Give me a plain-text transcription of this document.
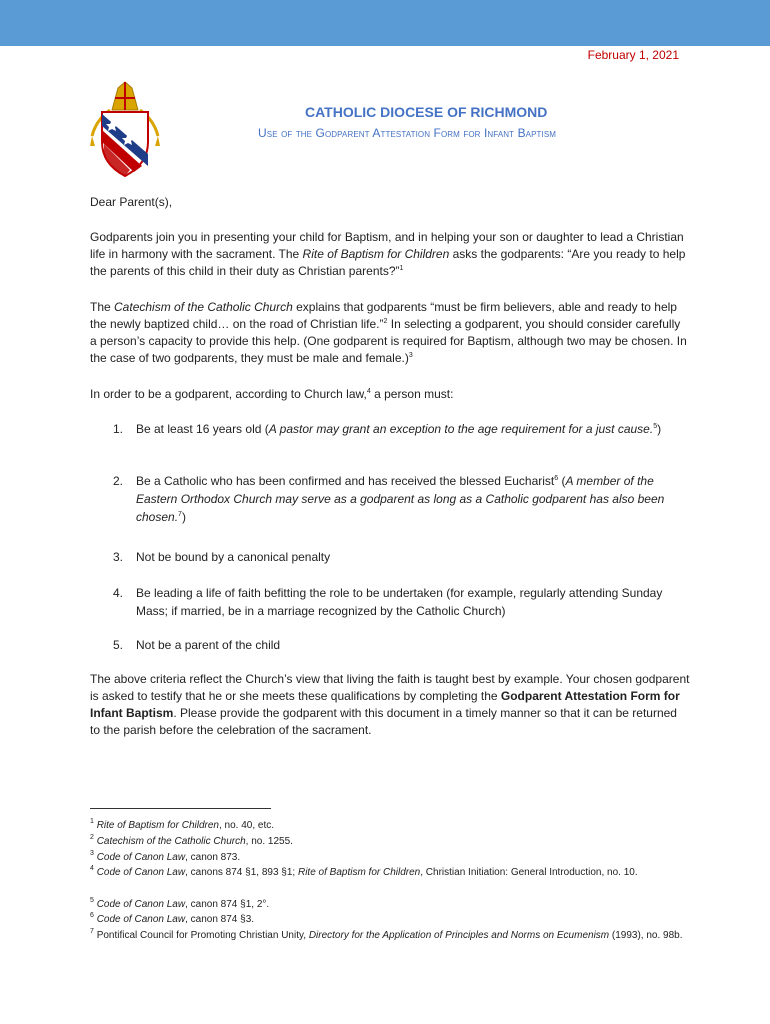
February 1, 2021
CATHOLIC DIOCESE OF RICHMOND
Use of the Godparent Attestation Form for Infant Baptism
Dear Parent(s),
Godparents join you in presenting your child for Baptism, and in helping your son or daughter to lead a Christian life in harmony with the sacrament. The Rite of Baptism for Children asks the godparents: “Are you ready to help the parents of this child in their duty as Christian parents?”$^1$
The Catechism of the Catholic Church explains that godparents “must be firm believers, able and ready to help the newly baptized child… on the road of Christian life.”$^2$ In selecting a godparent, you should consider carefully a person’s capacity to provide this help. (One godparent is required for Baptism, although two may be chosen. In the case of two godparents, they must be male and female.)$^3$
In order to be a godparent, according to Church law,$^4$ a person must:
1. Be at least 16 years old (A pastor may grant an exception to the age requirement for a just cause.$^5$)
2. Be a Catholic who has been confirmed and has received the blessed Eucharist$^6$ (A member of the Eastern Orthodox Church may serve as a godparent as long as a Catholic godparent has also been chosen.$^7$)
3. Not be bound by a canonical penalty
4. Be leading a life of faith befitting the role to be undertaken (for example, regularly attending Sunday Mass; if married, be in a marriage recognized by the Catholic Church)
5. Not be a parent of the child
The above criteria reflect the Church’s view that living the faith is taught best by example. Your chosen godparent is asked to testify that he or she meets these qualifications by completing the Godparent Attestation Form for Infant Baptism. Please provide the godparent with this document in a timely manner so that it can be returned to the parish before the celebration of the sacrament.
$^1$ Rite of Baptism for Children, no. 40, etc.
$^2$ Catechism of the Catholic Church, no. 1255.
$^3$ Code of Canon Law, canon 873.
$^4$ Code of Canon Law, canons 874 §1, 893 §1; Rite of Baptism for Children, Christian Initiation: General Introduction, no. 10.
$^5$ Code of Canon Law, canon 874 §1, 2°.
$^6$ Code of Canon Law, canon 874 §3.
$^7$ Pontifical Council for Promoting Christian Unity, Directory for the Application of Principles and Norms on Ecumenism (1993), no. 98b.
